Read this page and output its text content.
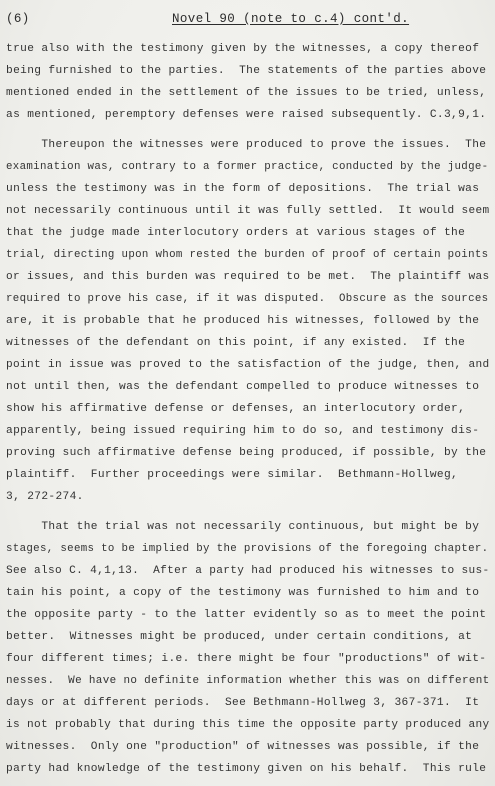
(6)	Novel 90 (note to c.4) cont'd.
true also with the testimony given by the witnesses, a copy thereof
being furnished to the parties.  The statements of the parties above
mentioned ended in the settlement of the issues to be tried, unless,
as mentioned, peremptory defenses were raised subsequently. C.3,9,1.
Thereupon the witnesses were produced to prove the issues.  The
examination was, contrary to a former practice, conducted by the judge-
unless the testimony was in the form of depositions.  The trial was
not necessarily continuous until it was fully settled.  It would seem
that the judge made interlocutory orders at various stages of the
trial, directing upon whom rested the burden of proof of certain points
or issues, and this burden was required to be met.  The plaintiff was
required to prove his case, if it was disputed.  Obscure as the sources
are, it is probable that he produced his witnesses, followed by the
witnesses of the defendant on this point, if any existed.  If the
point in issue was proved to the satisfaction of the judge, then, and
not until then, was the defendant compelled to produce witnesses to
show his affirmative defense or defenses, an interlocutory order,
apparently, being issued requiring him to do so, and testimony dis-
proving such affirmative defense being produced, if possible, by the
plaintiff.  Further proceedings were similar.  Bethmann-Hollweg,
3, 272-274.
That the trial was not necessarily continuous, but might be by
stages, seems to be implied by the provisions of the foregoing chapter.
See also C. 4,1,13.  After a party had produced his witnesses to sus-
tain his point, a copy of the testimony was furnished to him and to
the opposite party - to the latter evidently so as to meet the point
better.  Witnesses might be produced, under certain conditions, at
four different times; i.e. there might be four "productions" of wit-
nesses.  We have no definite information whether this was on different
days or at different periods.  See Bethmann-Hollweg 3, 367-371.  It
is not probably that during this time the opposite party produced any
witnesses.  Only one "production" of witnesses was possible, if the
party had knowledge of the testimony given on his behalf.  This rule
